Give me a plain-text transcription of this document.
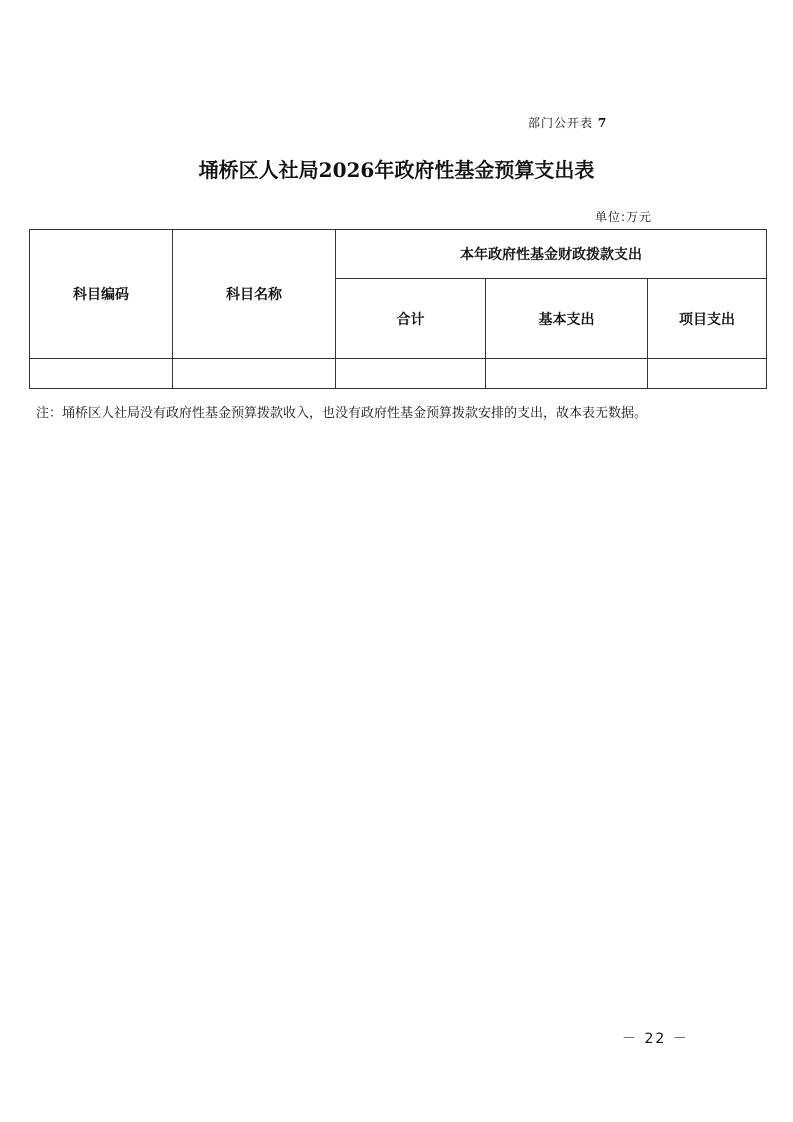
部门公开表 7
埇桥区人社局2026年政府性基金预算支出表
单位:万元
科目编码	科目名称	本年政府性基金财政拨款支出		
		合计	基本支出	项目支出

注：埇桥区人社局没有政府性基金预算拨款收入，也没有政府性基金预算拨款安排的支出，故本表无数据。
－ 22 －
